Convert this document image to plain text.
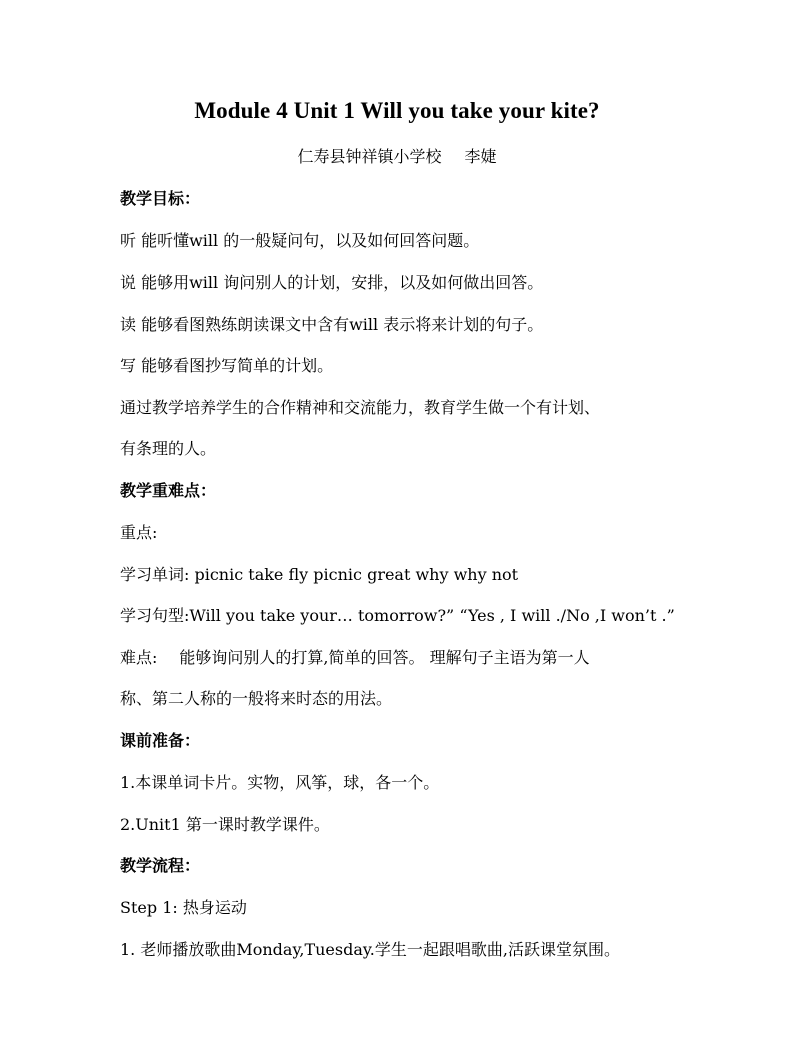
Module 4 Unit 1 Will you take your kite?
仁寿县钟祥镇小学校 李婕
教学目标：
听 能听懂will 的一般疑问句，以及如何回答问题。
说 能够用will 询问别人的计划，安排，以及如何做出回答。
读 能够看图熟练朗读课文中含有will 表示将来计划的句子。
写 能够看图抄写简单的计划。
通过教学培养学生的合作精神和交流能力，教育学生做一个有计划、
有条理的人。
教学重难点：
重点:
学习单词: picnic take fly picnic great why why not
学习句型:Will you take your… tomorrow?” “Yes , I will ./No ,I won’t .”
难点: 能够询问别人的打算,简单的回答。 理解句子主语为第一人
称、第二人称的一般将来时态的用法。
课前准备：
1.本课单词卡片。实物，风筝，球，各一个。
2.Unit1 第一课时教学课件。
教学流程：
Step 1: 热身运动
1. 老师播放歌曲Monday,Tuesday.学生一起跟唱歌曲,活跃课堂氛围。
